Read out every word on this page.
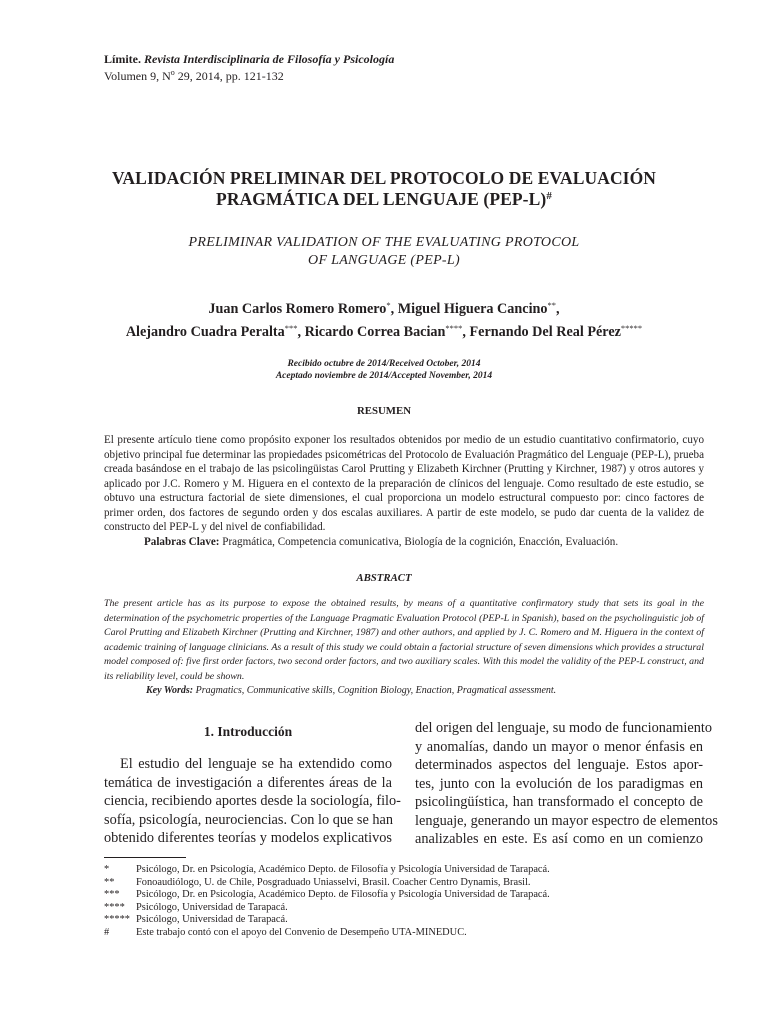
Límite. Revista Interdisciplinaria de Filosofía y Psicología
Volumen 9, $N^o$ 29, 2014, pp. 121-132
VALIDACIÓN PRELIMINAR DEL PROTOCOLO DE EVALUACIÓN
PRAGMÁTICA DEL LENGUAJE (PEP-L)#
PRELIMINAR VALIDATION OF THE EVALUATING PROTOCOL
OF LANGUAGE (PEP-L)
Juan Carlos Romero Romero*, Miguel Higuera Cancino**,
Alejandro Cuadra Peralta***, Ricardo Correa Bacian****, Fernando Del Real Pérez*****
Recibido octubre de 2014/Received October, 2014
Aceptado noviembre de 2014/Accepted November, 2014
RESUMEN
El presente artículo tiene como propósito exponer los resultados obtenidos por medio de un estudio cuantitativo confirmatorio, cuyo objetivo principal fue determinar las propiedades psicométricas del Protocolo de Evaluación Pragmático del Lenguaje (PEP-L), prueba creada basándose en el trabajo de las psicolingüistas Carol Prutting y Elizabeth Kirchner (Prutting y Kirchner, 1987) y otros autores y aplicado por J.C. Romero y M. Higuera en el contexto de la preparación de clínicos del lenguaje. Como resultado de este estudio, se obtuvo una estructura factorial de siete dimensiones, el cual proporciona un modelo estructural compuesto por: cinco factores de primer orden, dos factores de segundo orden y dos escalas auxiliares. A partir de este modelo, se pudo dar cuenta de la validez de constructo del PEP-L y del nivel de confiabilidad.
Palabras Clave: Pragmática, Competencia comunicativa, Biología de la cognición, Enacción, Evaluación.
ABSTRACT
The present article has as its purpose to expose the obtained results, by means of a quantitative confirmatory study that sets its goal in the determination of the psychometric properties of the Language Pragmatic Evaluation Protocol (PEP-L in Spanish), based on the psycholinguistic job of Carol Prutting and Elizabeth Kirchner (Prutting and Kirchner, 1987) and other authors, and applied by J. C. Romero and M. Higuera in the context of academic training of language clinicians. As a result of this study we could obtain a factorial structure of seven dimensions which provides a structural model composed of: five first order factors, two second order factors, and two auxiliary scales. With this model the validity of the PEP-L construct, and its reliability level, could be shown.
Key Words: Pragmatics, Communicative skills, Cognition Biology, Enaction, Pragmatical assessment.
1. Introducción
El estudio del lenguaje se ha extendido como
temática de investigación a diferentes áreas de la
ciencia, recibiendo aportes desde la sociología, filo-
sofía, psicología, neurociencias. Con lo que se han
obtenido diferentes teorías y modelos explicativos
del origen del lenguaje, su modo de funcionamiento
y anomalías, dando un mayor o menor énfasis en
determinados aspectos del lenguaje. Estos apor-
tes, junto con la evolución de los paradigmas en
psicolingüística, han transformado el concepto de
lenguaje, generando un mayor espectro de elementos
analizables en este. Es así como en un comienzo
*	Psicólogo, Dr. en Psicología, Académico Depto. de Filosofía y Psicología Universidad de Tarapacá.
**	Fonoaudiólogo, U. de Chile, Posgraduado Uniasselvi, Brasil. Coacher Centro Dynamis, Brasil.
***	Psicólogo, Dr. en Psicología, Académico Depto. de Filosofía y Psicología Universidad de Tarapacá.
****	Psicólogo, Universidad de Tarapacá.
***** Psicólogo, Universidad de Tarapacá.
#	Este trabajo contó con el apoyo del Convenio de Desempeño UTA-MINEDUC.
